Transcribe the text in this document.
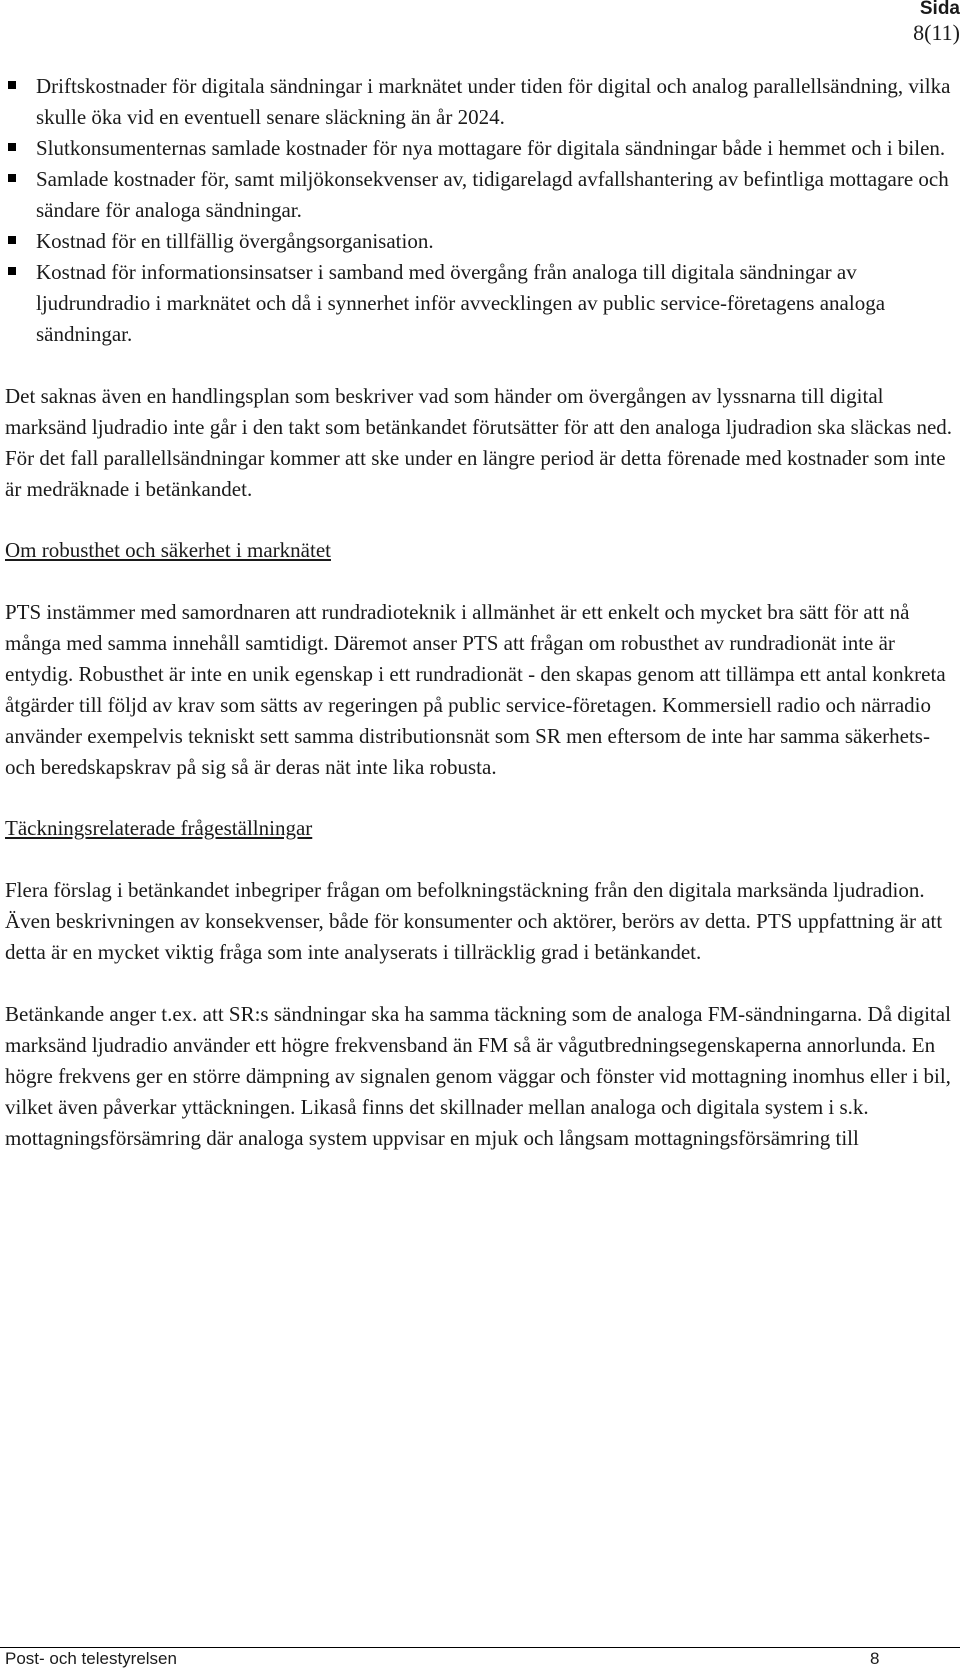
Sida
8(11)
Driftskostnader för digitala sändningar i marknätet under tiden för digital och analog parallellsändning, vilka skulle öka vid en eventuell senare släckning än år 2024.
Slutkonsumenternas samlade kostnader för nya mottagare för digitala sändningar både i hemmet och i bilen.
Samlade kostnader för, samt miljökonsekvenser av, tidigarelagd avfallshantering av befintliga mottagare och sändare för analoga sändningar.
Kostnad för en tillfällig övergångsorganisation.
Kostnad för informationsinsatser i samband med övergång från analoga till digitala sändningar av ljudrundradio i marknätet och då i synnerhet inför avvecklingen av public service-företagens analoga sändningar.

Det saknas även en handlingsplan som beskriver vad som händer om övergången av lyssnarna till digital marksänd ljudradio inte går i den takt som betänkandet förutsätter för att den analoga ljudradion ska släckas ned. För det fall parallellsändningar kommer att ske under en längre period är detta förenade med kostnader som inte är medräknade i betänkandet.

Om robusthet och säkerhet i marknätet

PTS instämmer med samordnaren att rundradioteknik i allmänhet är ett enkelt och mycket bra sätt för att nå många med samma innehåll samtidigt. Däremot anser PTS att frågan om robusthet av rundradionät inte är entydig. Robusthet är inte en unik egenskap i ett rundradionät - den skapas genom att tillämpa ett antal konkreta åtgärder till följd av krav som sätts av regeringen på public service-företagen. Kommersiell radio och närradio använder exempelvis tekniskt sett samma distributionsnät som SR men eftersom de inte har samma säkerhets- och beredskapskrav på sig så är deras nät inte lika robusta.

Täckningsrelaterade frågeställningar

Flera förslag i betänkandet inbegriper frågan om befolkningstäckning från den digitala marksända ljudradion. Även beskrivningen av konsekvenser, både för konsumenter och aktörer, berörs av detta. PTS uppfattning är att detta är en mycket viktig fråga som inte analyserats i tillräcklig grad i betänkandet.

Betänkande anger t.ex. att SR:s sändningar ska ha samma täckning som de analoga FM-sändningarna. Då digital marksänd ljudradio använder ett högre frekvensband än FM så är vågutbredningsegenskaperna annorlunda. En högre frekvens ger en större dämpning av signalen genom väggar och fönster vid mottagning inomhus eller i bil, vilket även påverkar yttäckningen. Likaså finns det skillnader mellan analoga och digitala system i s.k. mottagningsförsämring där analoga system uppvisar en mjuk och långsam mottagningsförsämring till

Post- och telestyrelsen	8
